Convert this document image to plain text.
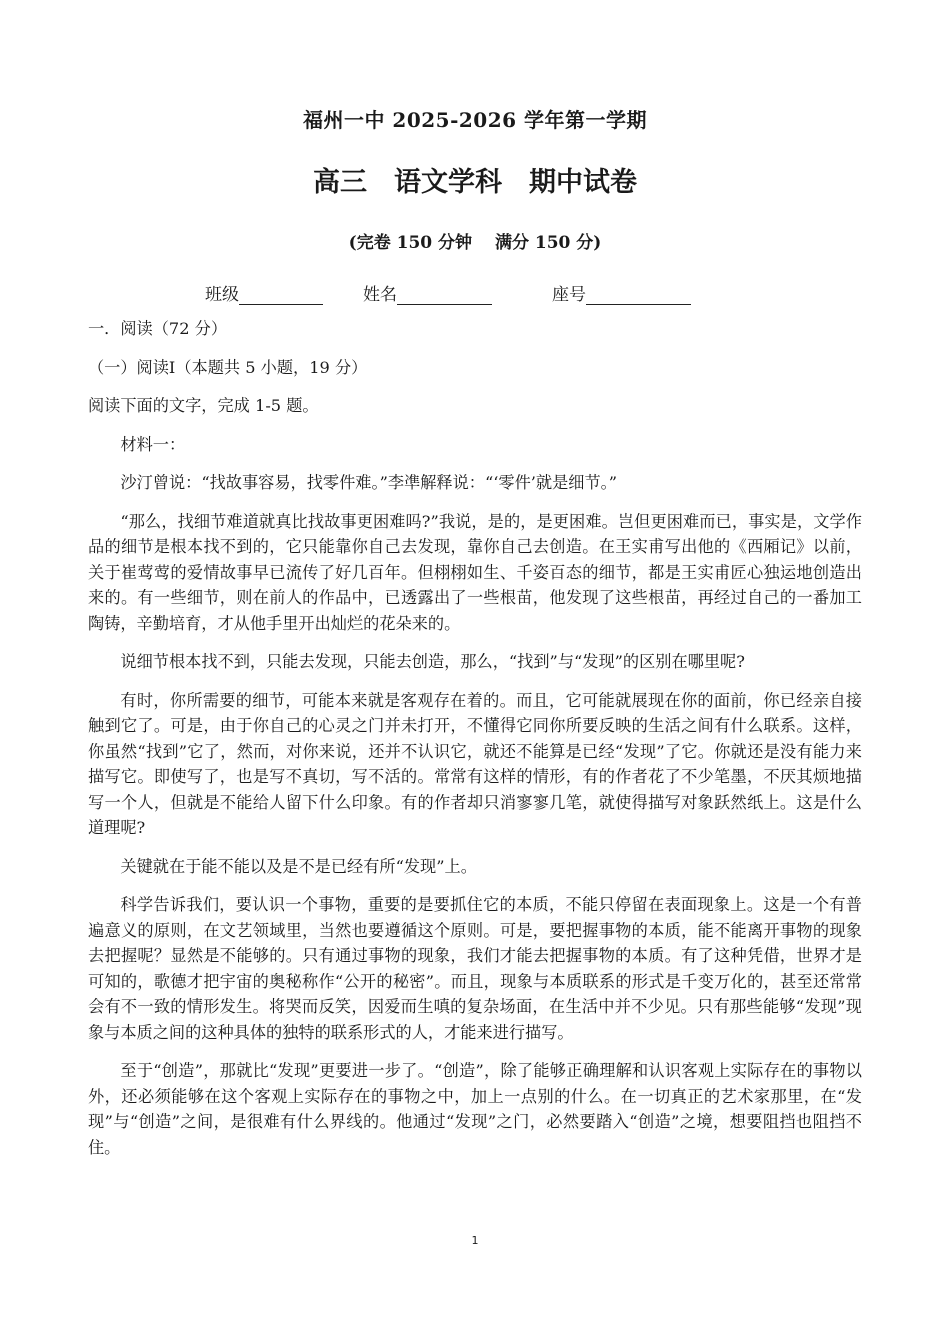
福州一中 2025-2026 学年第一学期
高三　语文学科　期中试卷
(完卷 150 分钟　 满分 150 分)
班级	姓名	座号

一．阅读（72 分）

（一）阅读Ⅰ（本题共 5 小题，19 分）

阅读下面的文字，完成 1-5 题。

材料一：

沙汀曾说：“找故事容易，找零件难。”李凖解释说：“‘零件’就是细节。”

“那么，找细节难道就真比找故事更困难吗?”我说，是的，是更困难。岂但更困难而已，事实是，文学作品的细节是根本找不到的，它只能靠你自己去发现，靠你自己去创造。在王实甫写出他的《西厢记》以前，关于崔莺莺的爱情故事早已流传了好几百年。但栩栩如生、千姿百态的细节，都是王实甫匠心独运地创造出来的。有一些细节，则在前人的作品中，已透露出了一些根苗，他发现了这些根苗，再经过自己的一番加工陶铸，辛勤培育，才从他手里开出灿烂的花朵来的。

说细节根本找不到，只能去发现，只能去创造，那么，“找到”与“发现”的区别在哪里呢?

有时，你所需要的细节，可能本来就是客观存在着的。而且，它可能就展现在你的面前，你已经亲自接触到它了。可是，由于你自己的心灵之门并未打开，不懂得它同你所要反映的生活之间有什么联系。这样，你虽然“找到”它了，然而，对你来说，还并不认识它，就还不能算是已经“发现”了它。你就还是没有能力来描写它。即使写了，也是写不真切，写不活的。常常有这样的情形，有的作者花了不少笔墨，不厌其烦地描写一个人，但就是不能给人留下什么印象。有的作者却只消寥寥几笔，就使得描写对象跃然纸上。这是什么道理呢?

关键就在于能不能以及是不是已经有所“发现”上。

科学告诉我们，要认识一个事物，重要的是要抓住它的本质，不能只停留在表面现象上。这是一个有普遍意义的原则，在文艺领域里，当然也要遵循这个原则。可是，要把握事物的本质，能不能离开事物的现象去把握呢？显然是不能够的。只有通过事物的现象，我们才能去把握事物的本质。有了这种凭借，世界才是可知的，歌德才把宇宙的奥秘称作“公开的秘密”。而且，现象与本质联系的形式是千变万化的，甚至还常常会有不一致的情形发生。将哭而反笑，因爱而生嗔的复杂场面，在生活中并不少见。只有那些能够“发现”现象与本质之间的这种具体的独特的联系形式的人，才能来进行描写。

至于“创造”，那就比“发现”更要进一步了。“创造”，除了能够正确理解和认识客观上实际存在的事物以外，还必须能够在这个客观上实际存在的事物之中，加上一点别的什么。在一切真正的艺术家那里，在“发现”与“创造”之间，是很难有什么界线的。他通过“发现”之门，必然要踏入“创造”之境，想要阻挡也阻挡不住。

1
